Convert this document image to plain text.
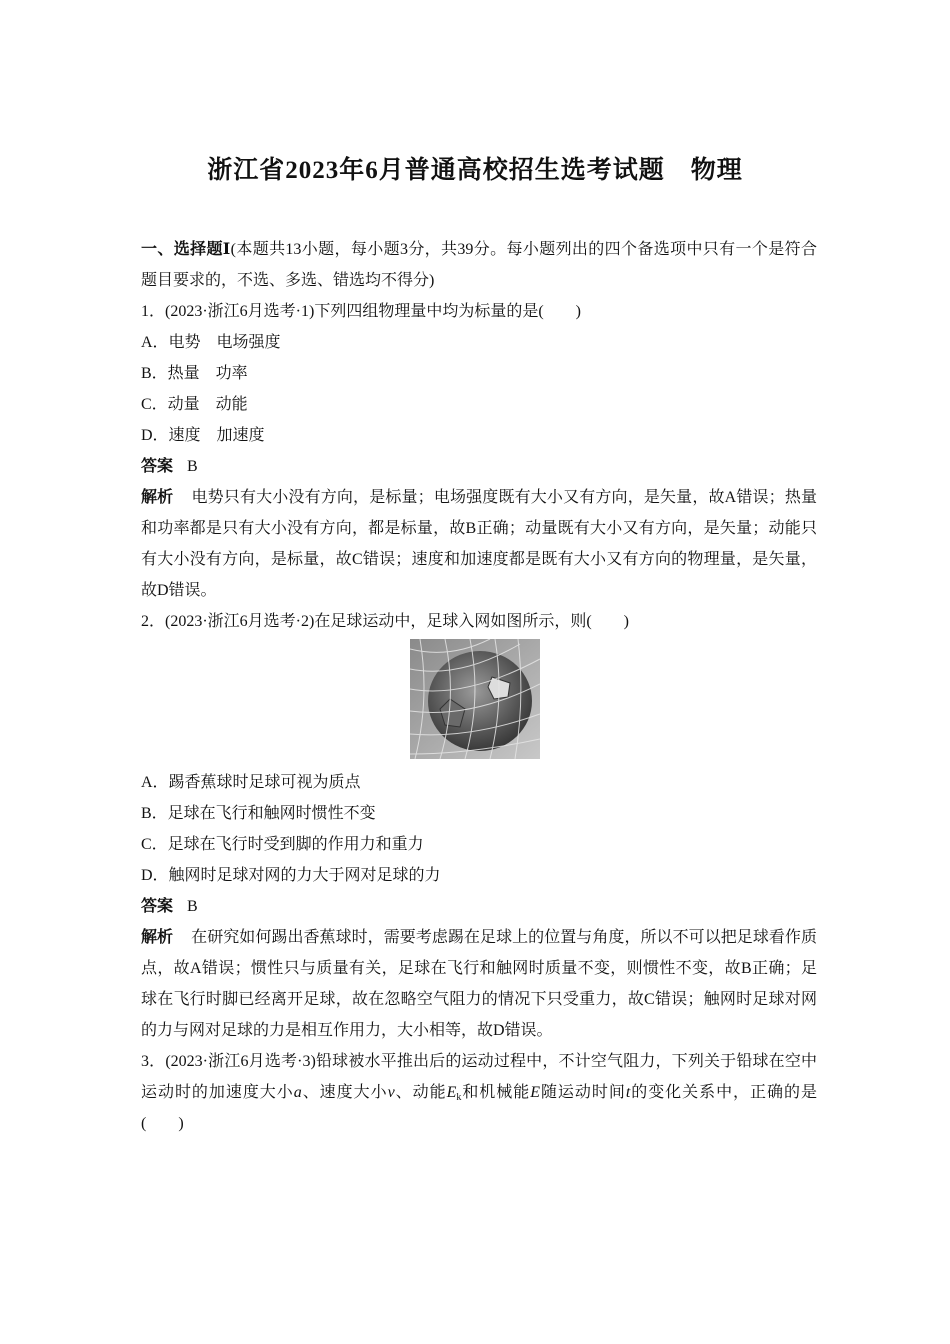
浙江省2023年6月普通高校招生选考试题　物理

一、选择题Ⅰ(本题共13小题，每小题3分，共39分。每小题列出的四个备选项中只有一个是符合题目要求的，不选、多选、错选均不得分)

1．(2023·浙江6月选考·1)下列四组物理量中均为标量的是(　　)

A．电势　电场强度

B．热量　功率

C．动量　动能

D．速度　加速度

答案 B

解析 电势只有大小没有方向，是标量；电场强度既有大小又有方向，是矢量，故A错误；热量和功率都是只有大小没有方向，都是标量，故B正确；动量既有大小又有方向，是矢量；动能只有大小没有方向，是标量，故C错误；速度和加速度都是既有大小又有方向的物理量，是矢量，故D错误。

2．(2023·浙江6月选考·2)在足球运动中，足球入网如图所示，则(　　)

A．踢香蕉球时足球可视为质点

B．足球在飞行和触网时惯性不变

C．足球在飞行时受到脚的作用力和重力

D．触网时足球对网的力大于网对足球的力

答案 B

解析 在研究如何踢出香蕉球时，需要考虑踢在足球上的位置与角度，所以不可以把足球看作质点，故A错误；惯性只与质量有关，足球在飞行和触网时质量不变，则惯性不变，故B正确；足球在飞行时脚已经离开足球，故在忽略空气阻力的情况下只受重力，故C错误；触网时足球对网的力与网对足球的力是相互作用力，大小相等，故D错误。

3．(2023·浙江6月选考·3)铅球被水平推出后的运动过程中，不计空气阻力，下列关于铅球在空中运动时的加速度大小a、速度大小v、动能$E_k$和机械能E随运动时间t的变化关系中，正确的是(　　)
